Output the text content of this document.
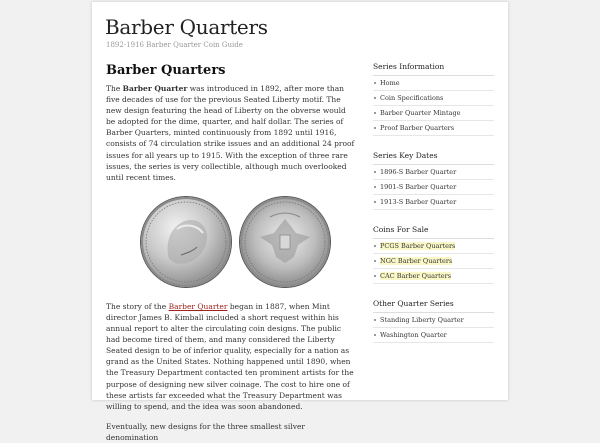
Barber Quarters

1892-1916 Barber Quarter Coin Guide

Barber Quarters

The Barber Quarter was introduced in 1892, after more than five decades of use for the previous Seated Liberty motif. The new design featuring the head of Liberty on the obverse would be adopted for the dime, quarter, and half dollar. The series of Barber Quarters, minted continuously from 1892 until 1916, consists of 74 circulation strike issues and an additional 24 proof issues for all years up to 1915. With the exception of three rare issues, the series is very collectible, although much overlooked until recent times.

The story of the Barber Quarter began in 1887, when Mint director James B. Kimball included a short request within his annual report to alter the circulating coin designs. The public had become tired of them, and many considered the Liberty Seated design to be of inferior quality, especially for a nation as grand as the United States. Nothing happened until 1890, when the Treasury Department contacted ten prominent artists for the purpose of designing new silver coinage. The cost to hire one of these artists far exceeded what the Treasury Department was willing to spend, and the idea was soon abandoned.

Eventually, new designs for the three smallest silver denomination

Series Information
Home
Coin Specifications
Barber Quarter Mintage
Proof Barber Quarters
Series Key Dates
1896-S Barber Quarter
1901-S Barber Quarter
1913-S Barber Quarter
Coins For Sale
PCGS Barber Quarters
NGC Barber Quarters
CAC Barber Quarters
Other Quarter Series
Standing Liberty Quarter
Washington Quarter
